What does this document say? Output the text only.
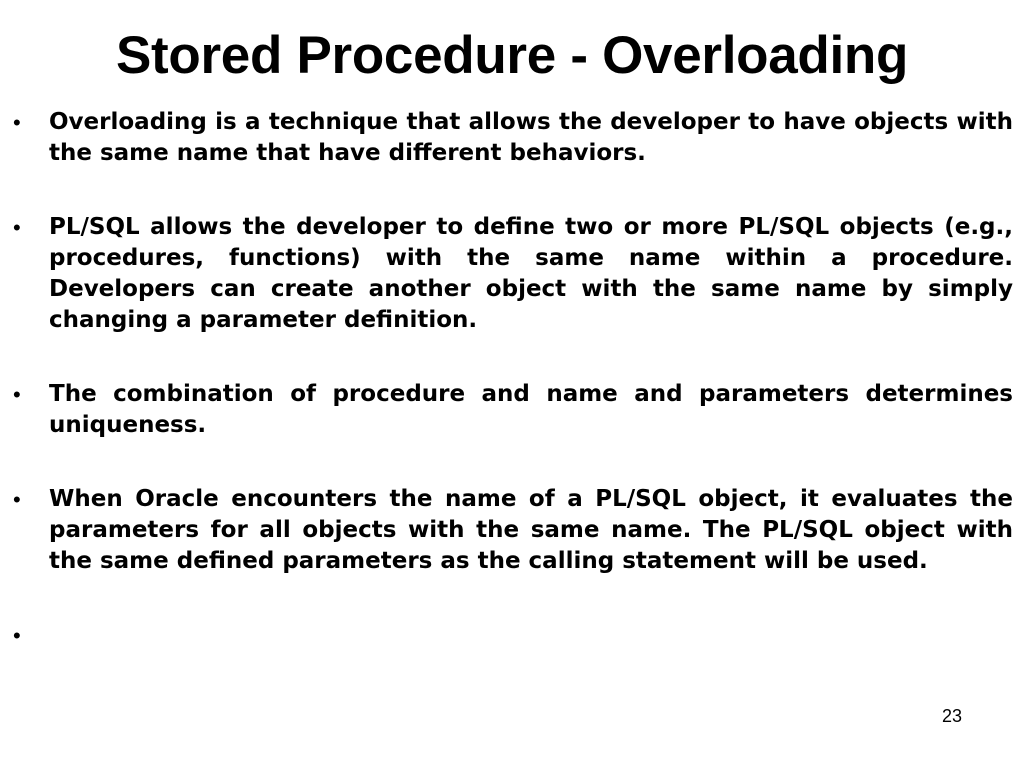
Stored Procedure - Overloading
• Overloading is a technique that allows the developer to have objects with the same name that have different behaviors.
• PL/SQL allows the developer to define two or more PL/SQL objects (e.g., procedures, functions) with the same name within a procedure. Developers can create another object with the same name by simply changing a parameter definition.
• The combination of procedure and name and parameters determines uniqueness.
• When Oracle encounters the name of a PL/SQL object, it evaluates the parameters for all objects with the same name. The PL/SQL object with the same defined parameters as the calling statement will be used.
•
23
